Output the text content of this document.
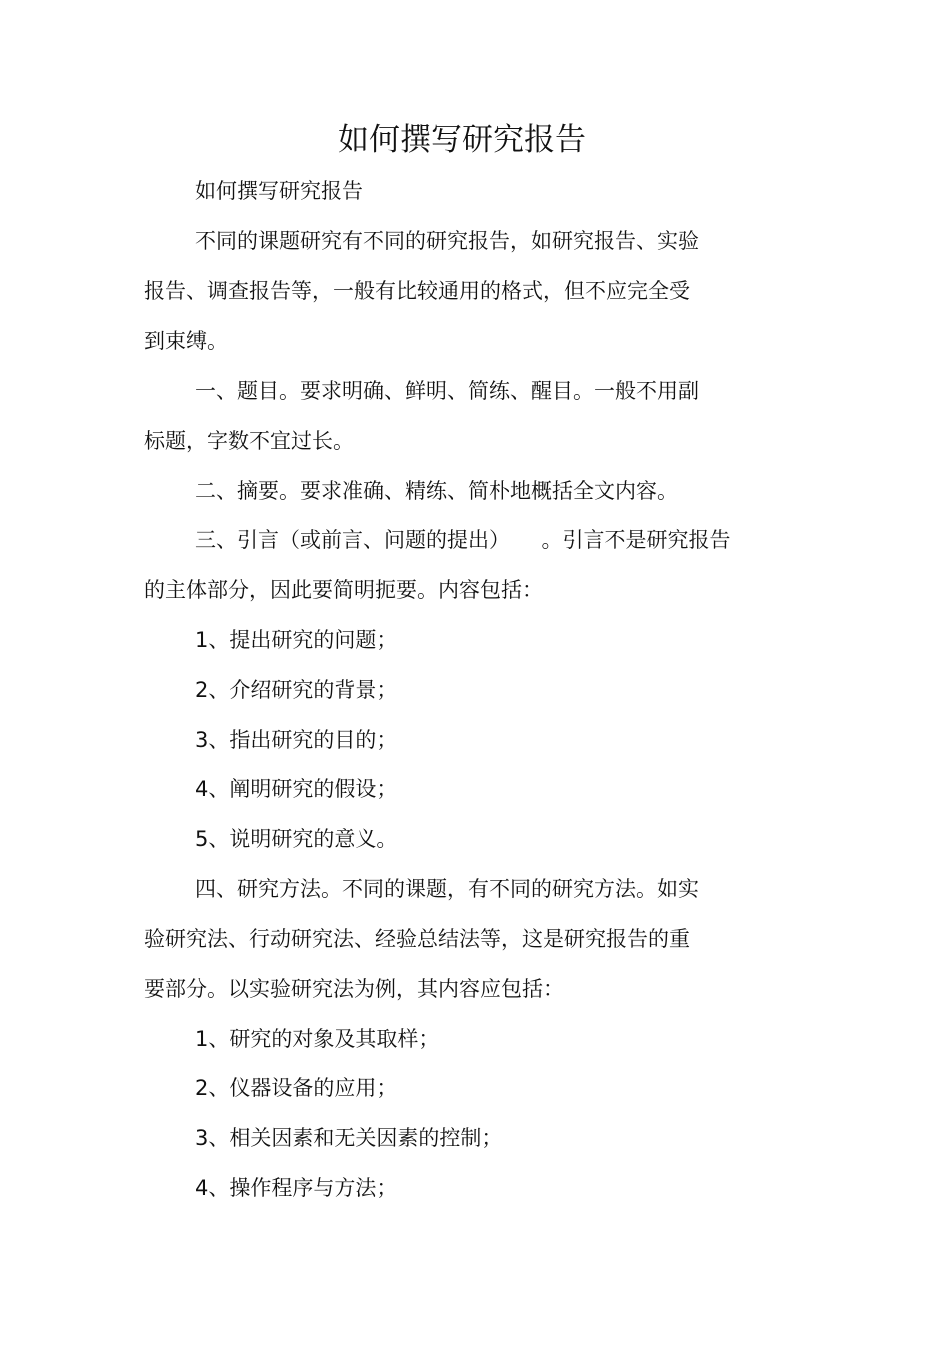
如何撰写研究报告

如何撰写研究报告

不同的课题研究有不同的研究报告，如研究报告、实验

报告、调查报告等，一般有比较通用的格式，但不应完全受

到束缚。

一、题目。要求明确、鲜明、简练、醒目。一般不用副

标题，字数不宜过长。

二、摘要。要求准确、精练、简朴地概括全文内容。

三、引言（或前言、问题的提出）　　。引言不是研究报告

的主体部分，因此要简明扼要。内容包括：

1、提出研究的问题；

2、介绍研究的背景；

3、指出研究的目的；

4、阐明研究的假设；

5、说明研究的意义。

四、研究方法。不同的课题，有不同的研究方法。如实

验研究法、行动研究法、经验总结法等，这是研究报告的重

要部分。以实验研究法为例，其内容应包括：

1、研究的对象及其取样；

2、仪器设备的应用；

3、相关因素和无关因素的控制；

4、操作程序与方法；
